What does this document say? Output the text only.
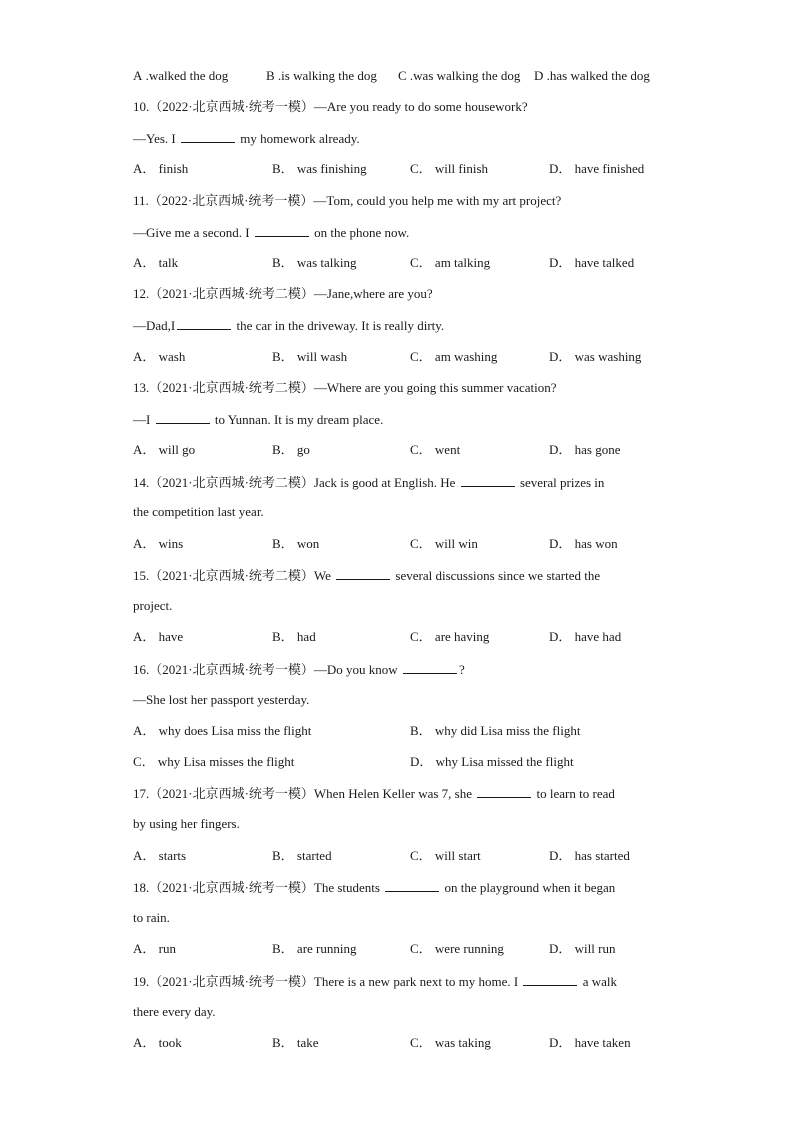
A .walked the dog	B .is walking the dog C .was walking the dog D .has walked the dog
10.（2022·北京西城·统考一模）—Are you ready to do some housework?
—Yes. I	my homework already.
A． finish	B． was finishing	C． will finish	D． have finished
11.（2022·北京西城·统考一模）—Tom, could you help me with my art project?
—Give me a second. I	on the phone now.
A． talk	B． was talking	C． am talking	D． have talked
12.（2021·北京西城·统考二模）—Jane,where are you?
—Dad,I	the car in the driveway. It is really dirty.
A． wash	B． will wash	C． am washing	D． was washing
13.（2021·北京西城·统考二模）—Where are you going this summer vacation?
—I	to Yunnan. It is my dream place.
A． will go	B． go	C． went	D． has gone
14.（2021·北京西城·统考二模）Jack is good at English. He	several prizes in
the competition last year.
A． wins	B． won	C． will win	D． has won
15.（2021·北京西城·统考二模）We	several discussions since we started the
project.
A． have	B． had	C． are having	D． have had
16.（2021·北京西城·统考一模）—Do you know	?
—She lost her passport yesterday.
A． why does Lisa miss the flight	B． why did Lisa miss the flight
C． why Lisa misses the flight	D． why Lisa missed the flight
17.（2021·北京西城·统考一模）When Helen Keller was 7, she	to learn to read
by using her fingers.
A． starts	B． started	C． will start	D． has started
18.（2021·北京西城·统考一模）The students	on the playground when it began
to rain.
A． run	B． are running	C． were running	D． will run
19.（2021·北京西城·统考一模）There is a new park next to my home. I	a walk
there every day.
A． took	B． take	C． was taking	D． have taken
